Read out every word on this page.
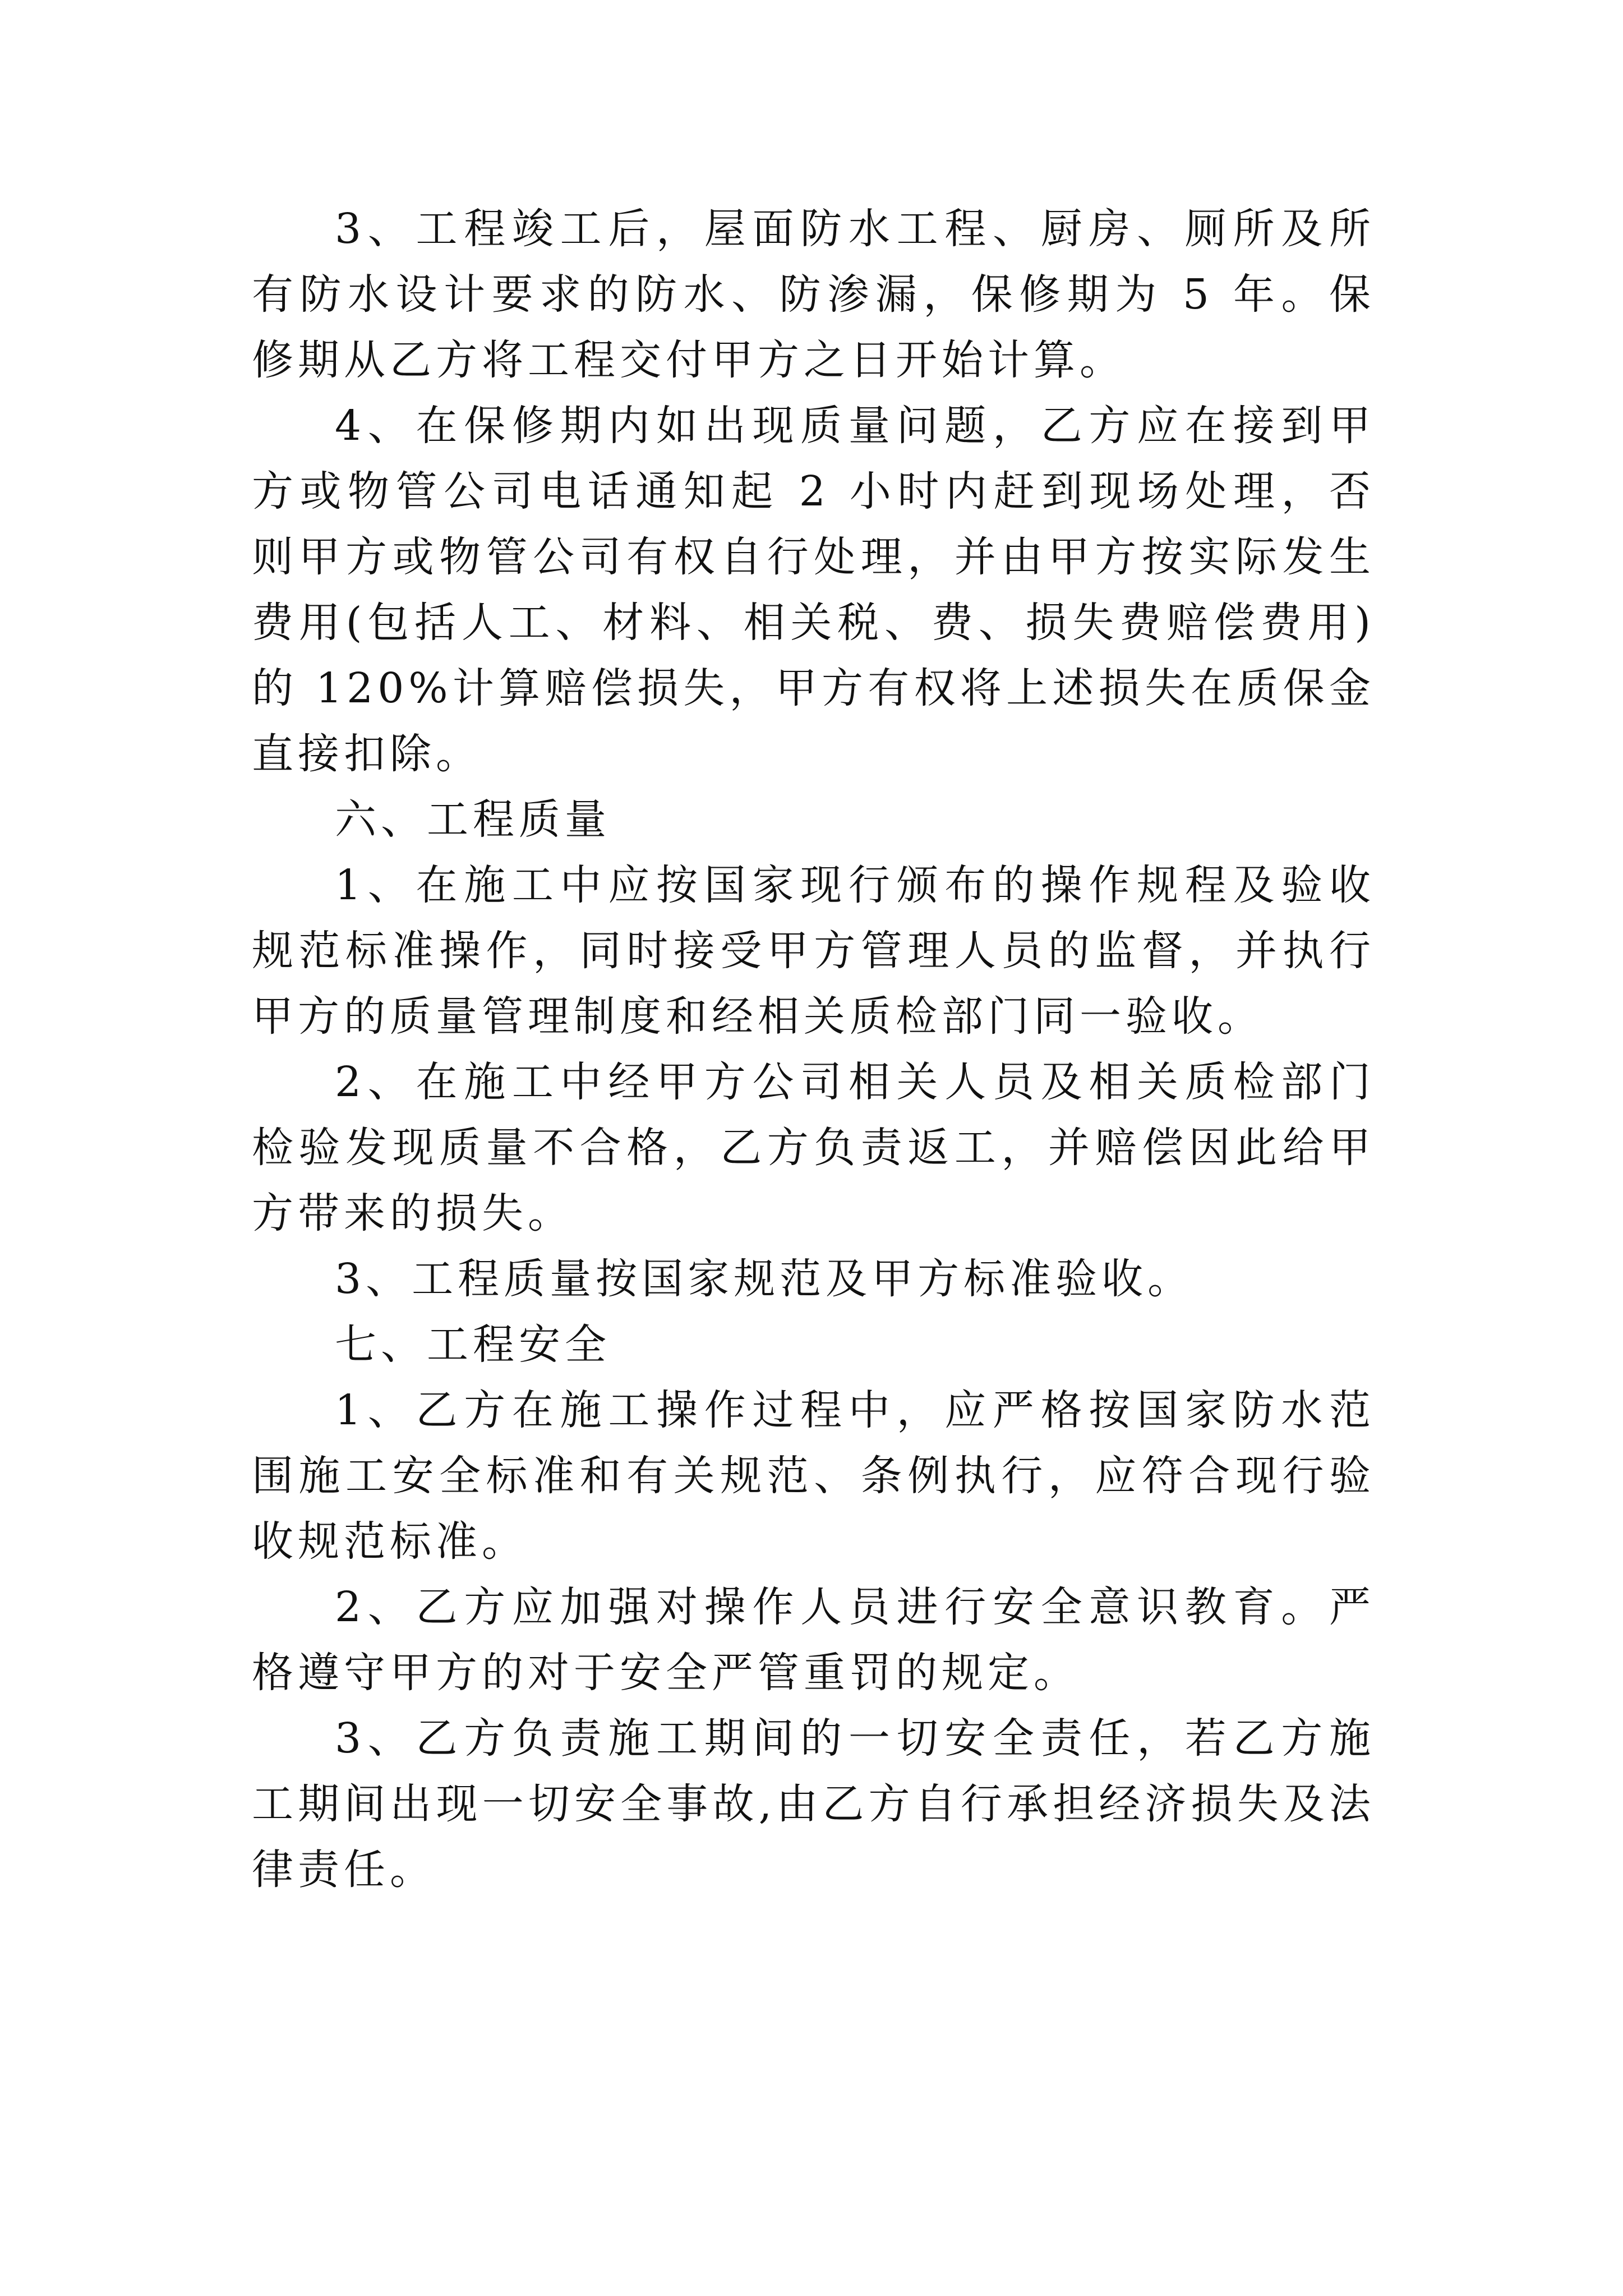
3、工程竣工后，屋面防水工程、厨房、厕所及所有防水设计要求的防水、防渗漏，保修期为 5 年。保修期从乙方将工程交付甲方之日开始计算。

4、在保修期内如出现质量问题，乙方应在接到甲方或物管公司电话通知起 2 小时内赶到现场处理，否则甲方或物管公司有权自行处理，并由甲方按实际发生费用(包括人工、材料、相关税、费、损失费赔偿费用)的 120%计算赔偿损失，甲方有权将上述损失在质保金直接扣除。

六、工程质量

1、在施工中应按国家现行颁布的操作规程及验收规范标准操作，同时接受甲方管理人员的监督，并执行甲方的质量管理制度和经相关质检部门同一验收。

2、在施工中经甲方公司相关人员及相关质检部门检验发现质量不合格，乙方负责返工，并赔偿因此给甲方带来的损失。

3、工程质量按国家规范及甲方标准验收。

七、工程安全

1、乙方在施工操作过程中，应严格按国家防水范围施工安全标准和有关规范、条例执行，应符合现行验收规范标准。

2、乙方应加强对操作人员进行安全意识教育。严格遵守甲方的对于安全严管重罚的规定。

3、乙方负责施工期间的一切安全责任，若乙方施工期间出现一切安全事故,由乙方自行承担经济损失及法律责任。
